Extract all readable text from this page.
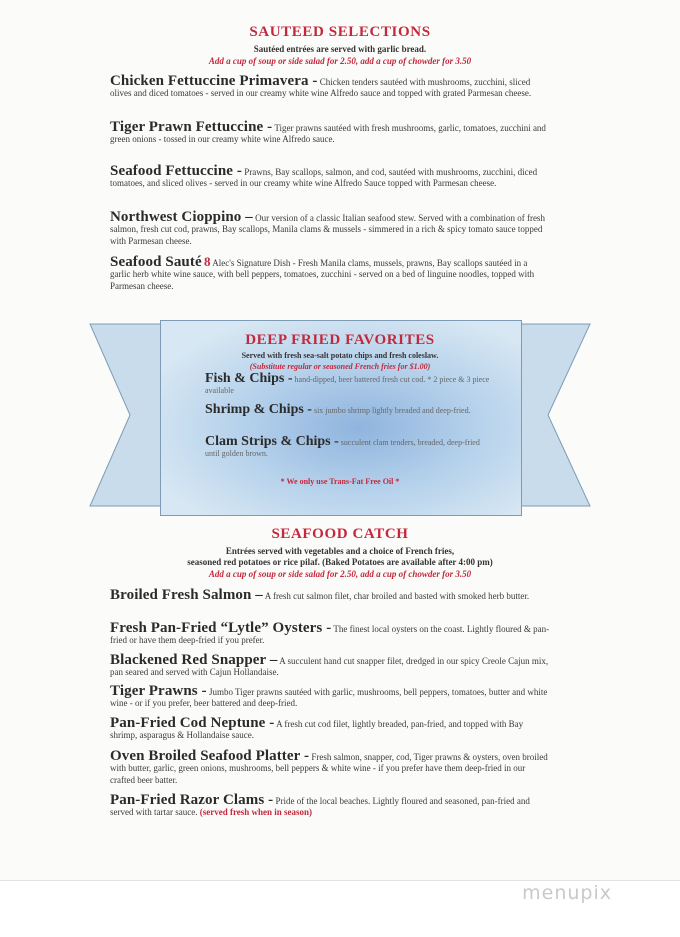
SAUTEED SELECTIONS
Sautéed entrées are served with garlic bread.
Add a cup of soup or side salad for 2.50, add a cup of chowder for 3.50
Chicken Fettuccine Primavera - Chicken tenders sautéed with mushrooms, zucchini, sliced olives and diced tomatoes - served in our creamy white wine Alfredo sauce and topped with grated Parmesan cheese.
Tiger Prawn Fettuccine - Tiger prawns sautéed with fresh mushrooms, garlic, tomatoes, zucchini and green onions - tossed in our creamy white wine Alfredo sauce.
Seafood Fettuccine - Prawns, Bay scallops, salmon, and cod, sautéed with mushrooms, zucchini, diced tomatoes, and sliced olives - served in our creamy white wine Alfredo Sauce topped with Parmesan cheese.
Northwest Cioppino – Our version of a classic Italian seafood stew. Served with a combination of fresh salmon, fresh cut cod, prawns, Bay scallops, Manila clams & mussels - simmered in a rich & spicy tomato sauce topped with Parmesan cheese.
Seafood Sauté 8 Alec's Signature Dish - Fresh Manila clams, mussels, prawns, Bay scallops sautéed in a garlic herb white wine sauce, with bell peppers, tomatoes, zucchini - served on a bed of linguine noodles, topped with Parmesan cheese.
DEEP FRIED FAVORITES
Served with fresh sea-salt potato chips and fresh coleslaw.
(Substitute regular or seasoned French fries for $1.00)
Fish & Chips - hand-dipped, beer battered fresh cut cod. * 2 piece & 3 piece available
Shrimp & Chips - six jumbo shrimp lightly breaded and deep-fried.
Clam Strips & Chips - succulent clam tenders, breaded, deep-fried until golden brown.
* We only use Trans-Fat Free Oil *
SEAFOOD CATCH
Entrées served with vegetables and a choice of French fries,
seasoned red potatoes or rice pilaf. (Baked Potatoes are available after 4:00 pm)
Add a cup of soup or side salad for 2.50, add a cup of chowder for 3.50
Broiled Fresh Salmon – A fresh cut salmon filet, char broiled and basted with smoked herb butter.
Fresh Pan-Fried “Lytle” Oysters - The finest local oysters on the coast. Lightly floured & pan-fried or have them deep-fried if you prefer.
Blackened Red Snapper – A succulent hand cut snapper filet, dredged in our spicy Creole Cajun mix, pan seared and served with Cajun Hollandaise.
Tiger Prawns - Jumbo Tiger prawns sautéed with garlic, mushrooms, bell peppers, tomatoes, butter and white wine - or if you prefer, beer battered and deep-fried.
Pan-Fried Cod Neptune - A fresh cut cod filet, lightly breaded, pan-fried, and topped with Bay shrimp, asparagus & Hollandaise sauce.
Oven Broiled Seafood Platter - Fresh salmon, snapper, cod, Tiger prawns & oysters, oven broiled with butter, garlic, green onions, mushrooms, bell peppers & white wine - if you prefer have them deep-fried in our crafted beer batter.
Pan-Fried Razor Clams - Pride of the local beaches. Lightly floured and seasoned, pan-fried and served with tartar sauce. (served fresh when in season)
menupix
